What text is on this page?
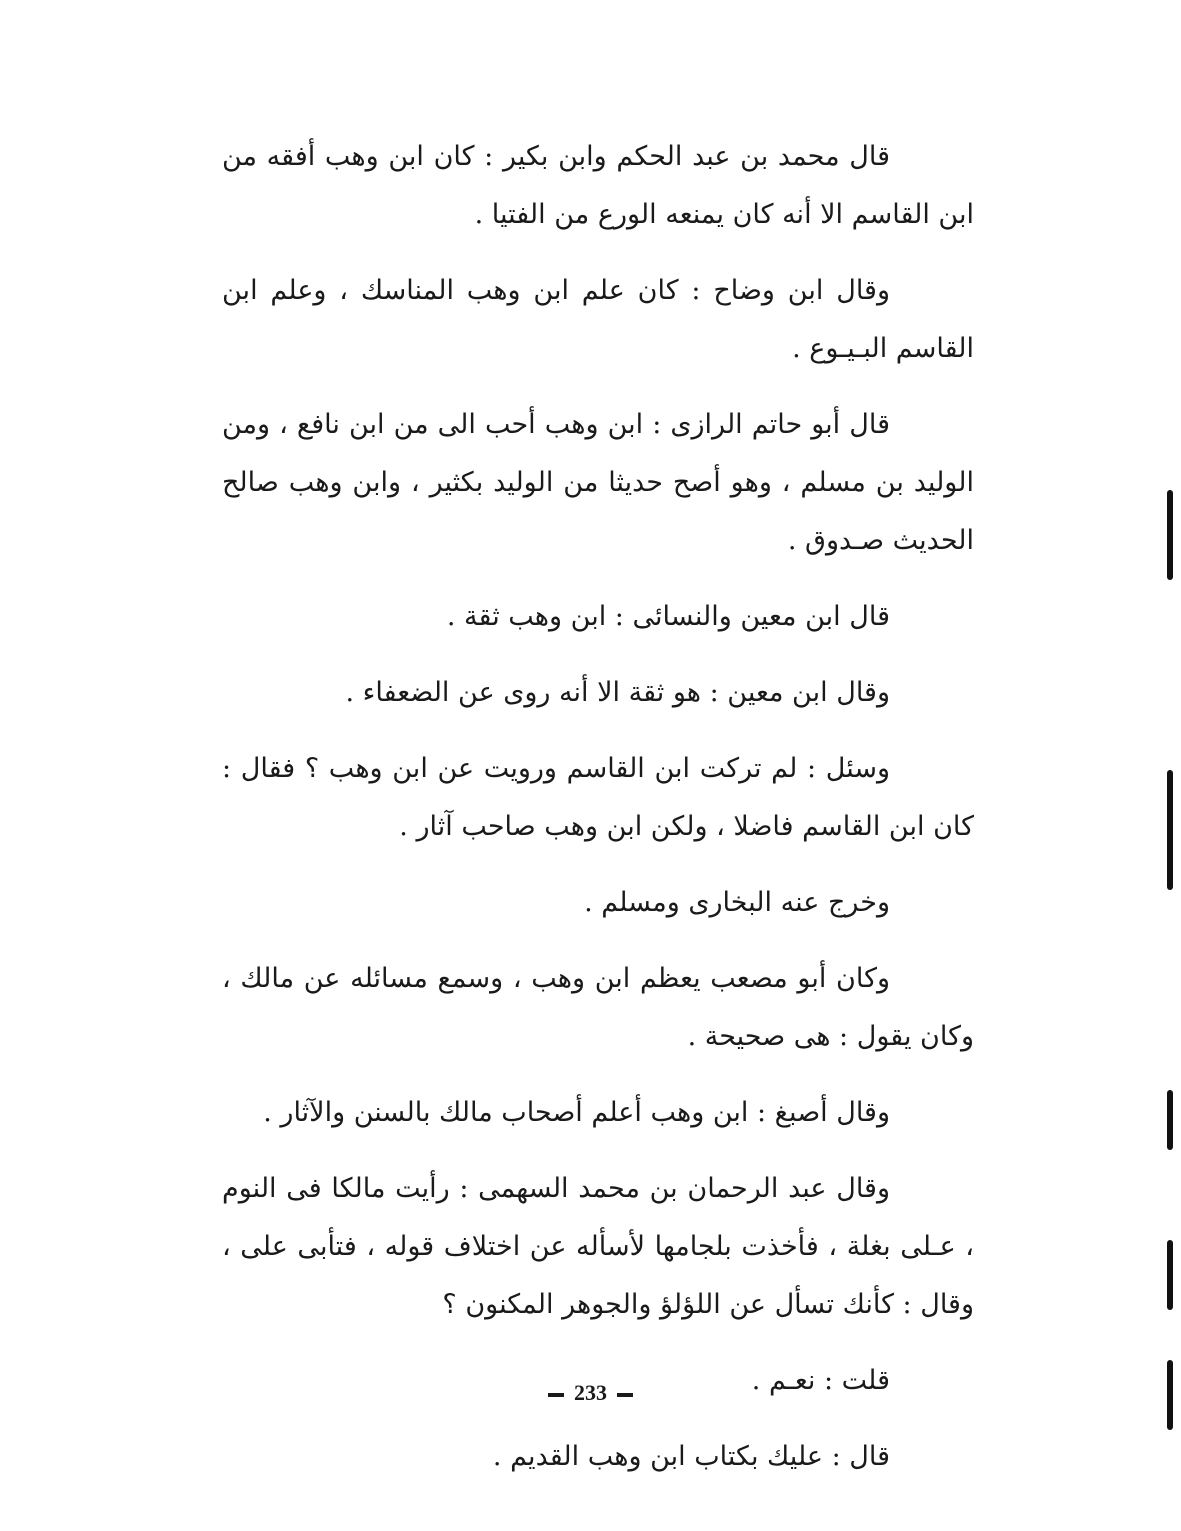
قال محمد بن عبد الحكم وابن بكير : كان ابن وهب أفقه من ابن القاسم الا أنه كان يمنعه الورع من الفتيا .

وقال ابن وضاح : كان علم ابن وهب المناسك ، وعلم ابن القاسم البـيـوع .

قال أبو حاتم الرازى : ابن وهب أحب الى من ابن نافع ، ومن الوليد بن مسلم ، وهو أصح حديثا من الوليد بكثير ، وابن وهب صالح الحديث صـدوق .

قال ابن معين والنسائى : ابن وهب ثقة .

وقال ابن معين : هو ثقة الا أنه روى عن الضعفاء .

وسئل : لم تركت ابن القاسم ورويت عن ابن وهب ؟ فقال : كان ابن القاسم فاضلا ، ولكن ابن وهب صاحب آثار .

وخرج عنه البخارى ومسلم .

وكان أبو مصعب يعظم ابن وهب ، وسمع مسائله عن مالك ، وكان يقول : هى صحيحة .

وقال أصبغ : ابن وهب أعلم أصحاب مالك بالسنن والآثار .

وقال عبد الرحمان بن محمد السهمى : رأيت مالكا فى النوم ، عـلى بغلة ، فأخذت بلجامها لأسأله عن اختلاف قوله ، فتأبى على ، وقال : كأنك تسأل عن اللؤلؤ والجوهر المكنون ؟

قلت : نعـم .

قال : عليك بكتاب ابن وهب القديم .

233
